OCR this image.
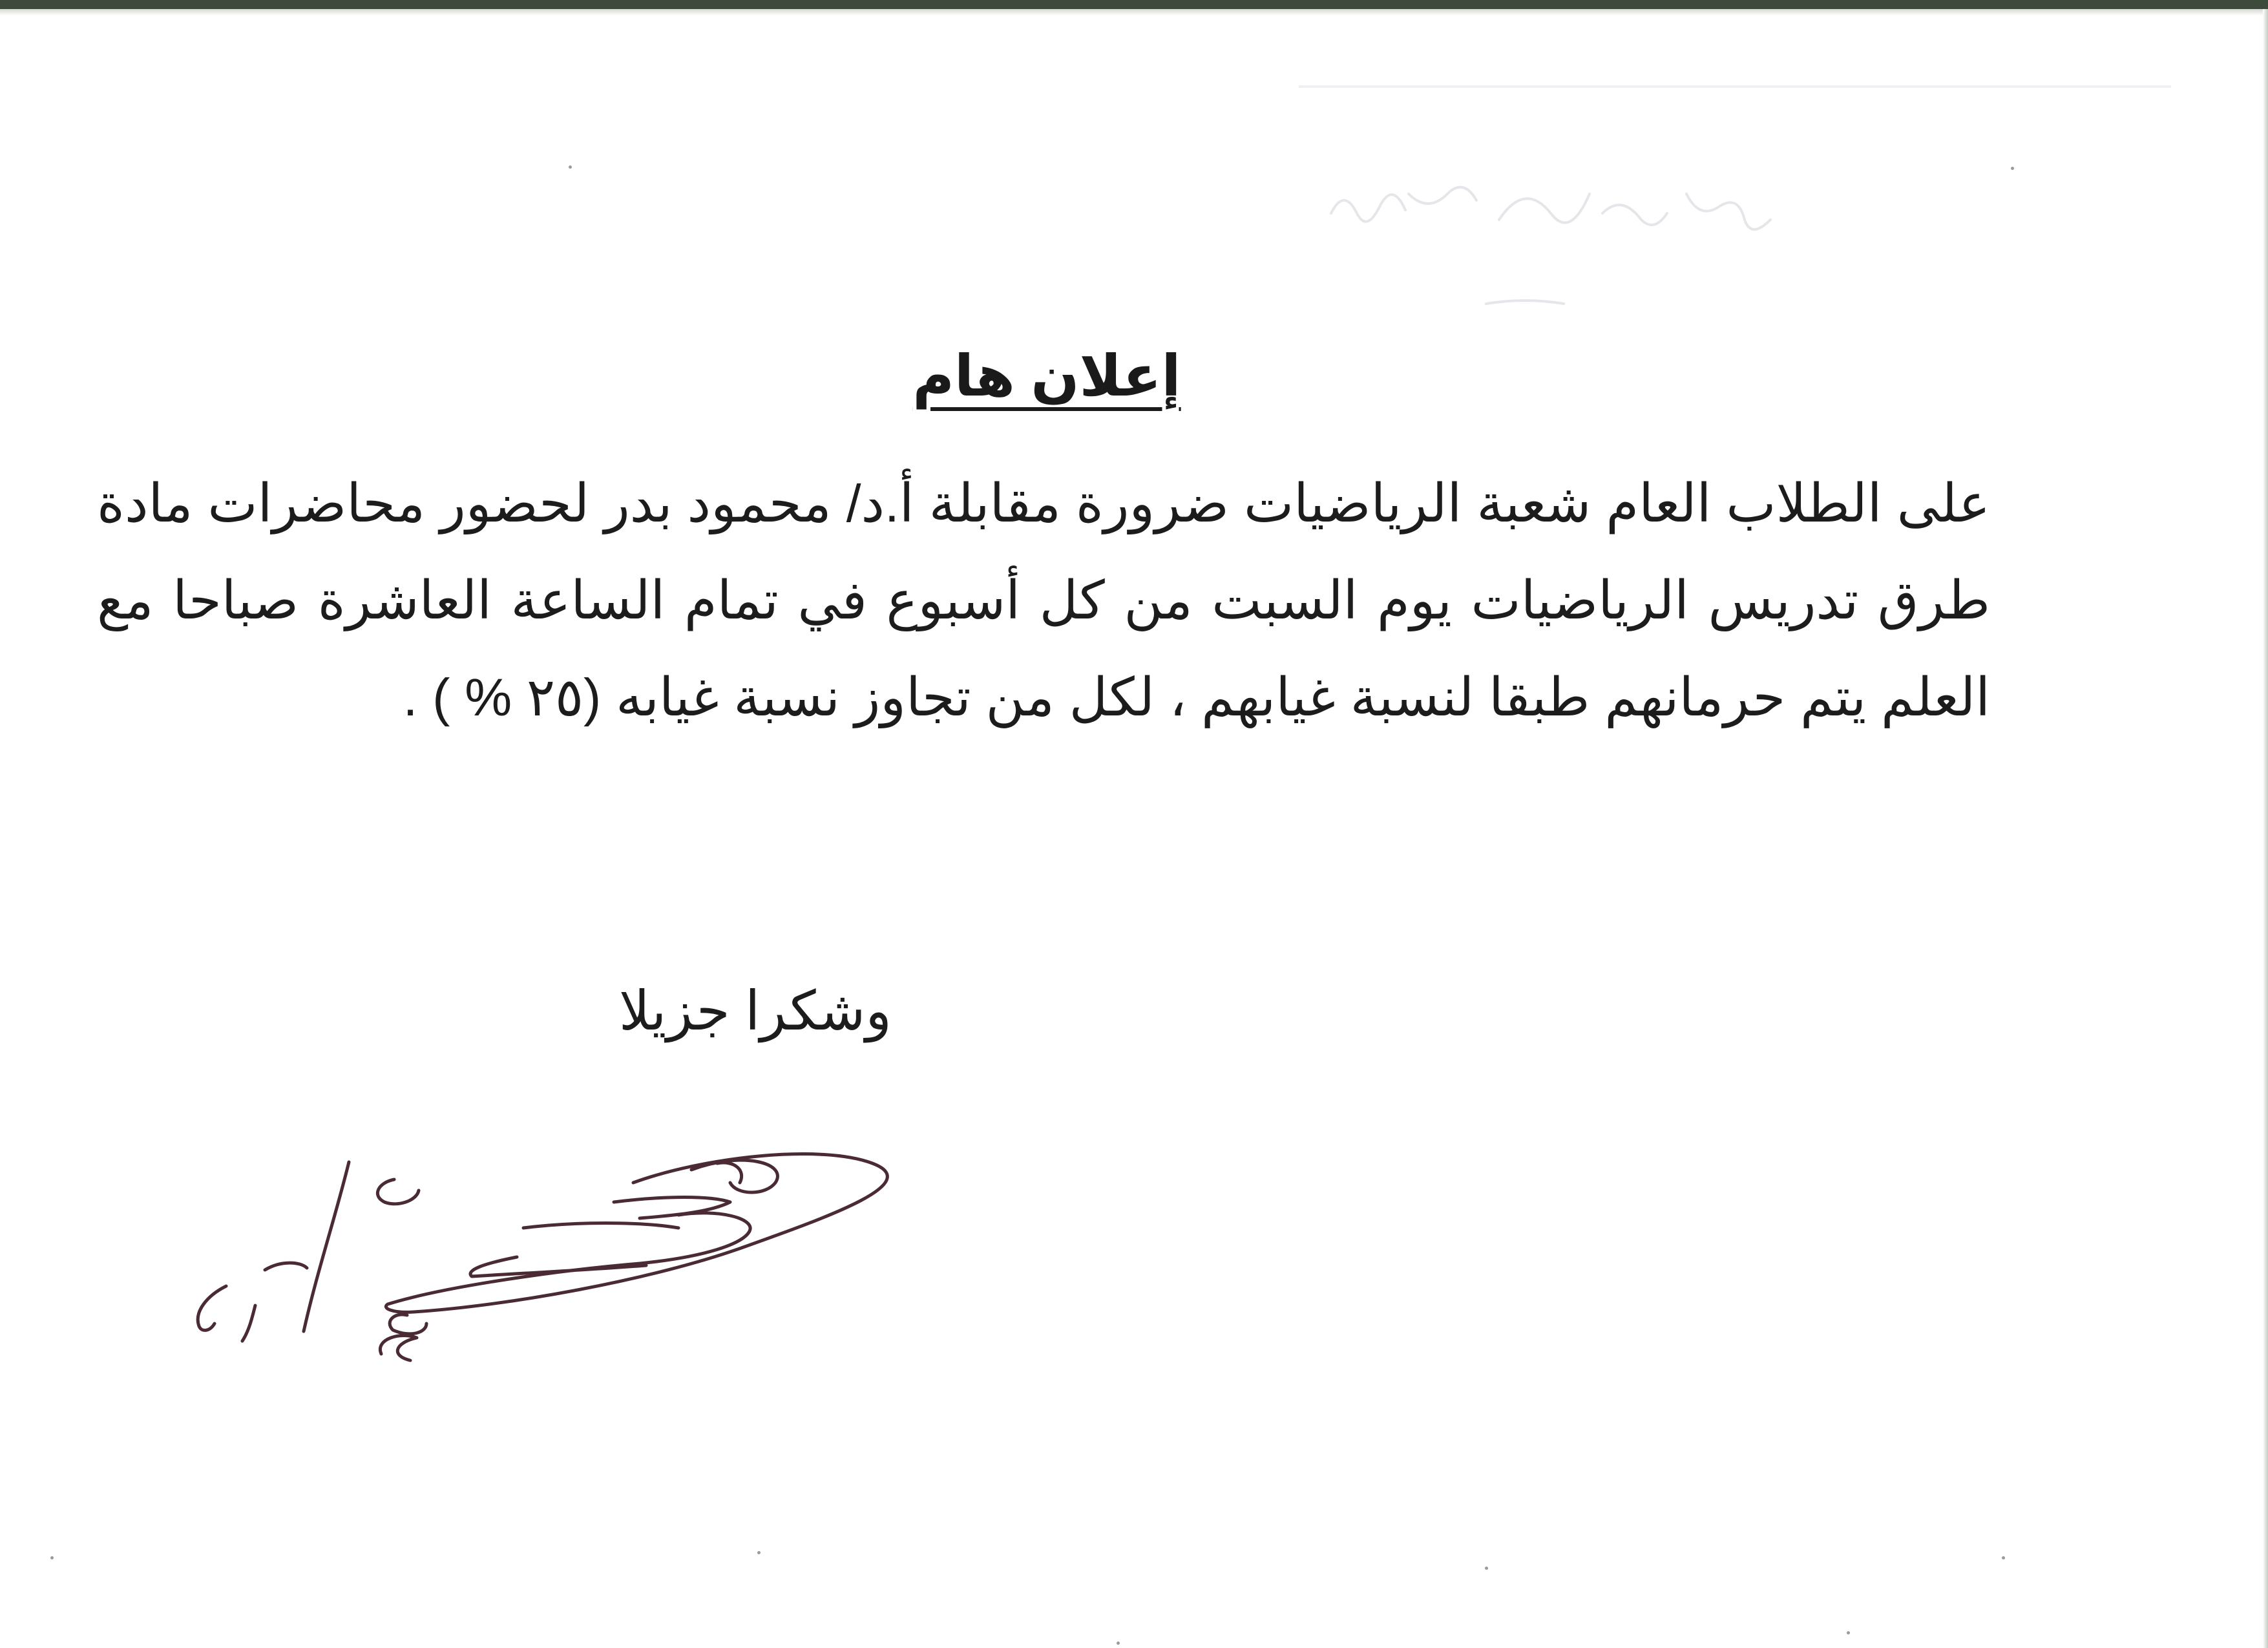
إعلان هام

على الطلاب العام شعبة الرياضيات ضرورة مقابلة أ.د/ محمود بدر لحضور محاضرات مادة طرق تدريس الرياضيات يوم السبت من كل أسبوع في تمام الساعة العاشرة صباحا مع العلم يتم حرمانهم طبقا لنسبة غيابهم ، لكل من تجاوز نسبة غيابه (٢٥ % ) .

وشكرا جزيلا
